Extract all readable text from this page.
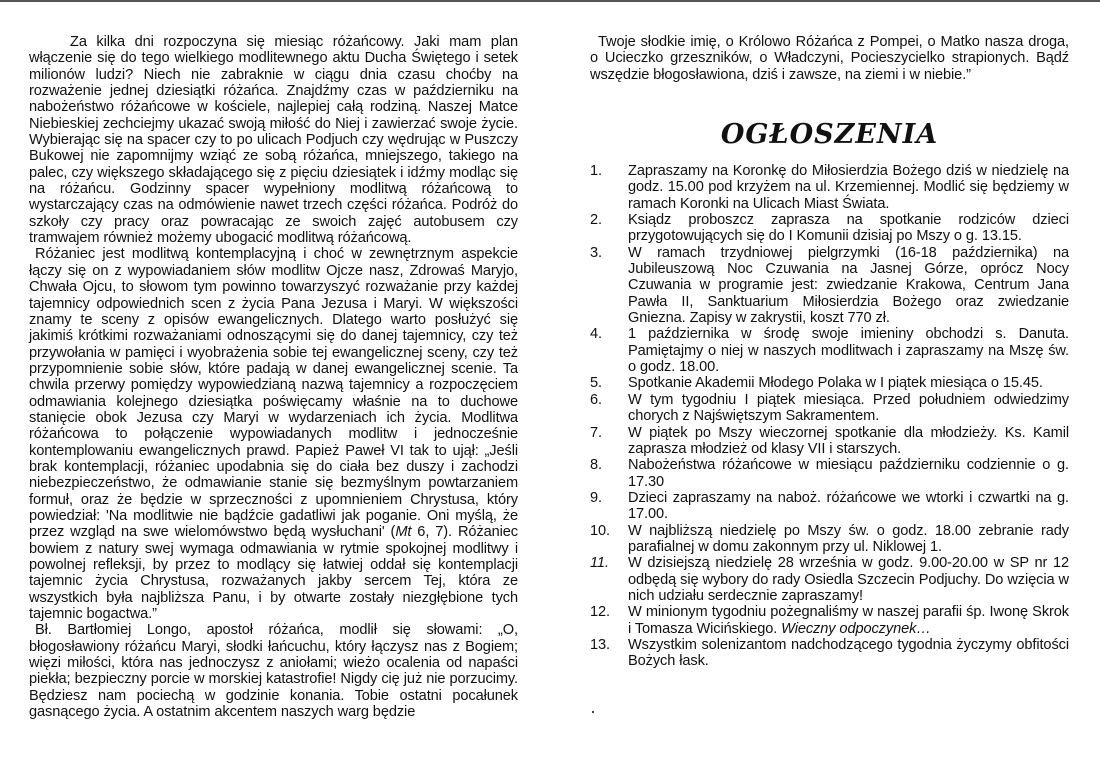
Za kilka dni rozpoczyna się miesiąc różańcowy. Jaki mam plan włączenie się do tego wielkiego modlitewnego aktu Ducha Świętego i setek milionów ludzi? Niech nie zabraknie w ciągu dnia czasu choćby na rozważenie jednej dziesiątki różańca. Znajdźmy czas w październiku na nabożeństwo różańcowe w kościele, najlepiej całą rodziną. Naszej Matce Niebieskiej zechciejmy ukazać swoją miłość do Niej i zawierzać swoje życie. Wybierając się na spacer czy to po ulicach Podjuch czy wędrując w Puszczy Bukowej nie zapomnijmy wziąć ze sobą różańca, mniejszego, takiego na palec, czy większego składającego się z pięciu dziesiątek i idźmy modląc się na różańcu. Godzinny spacer wypełniony modlitwą różańcową to wystarczający czas na odmówienie nawet trzech części różańca. Podróż do szkoły czy pracy oraz powracając ze swoich zajęć autobusem czy tramwajem również możemy ubogacić modlitwą różańcową.

Różaniec jest modlitwą kontemplacyjną i choć w zewnętrznym aspekcie łączy się on z wypowiadaniem słów modlitw Ojcze nasz, Zdrowaś Maryjo, Chwała Ojcu, to słowom tym powinno towarzyszyć rozważanie przy każdej tajemnicy odpowiednich scen z życia Pana Jezusa i Maryi. W większości znamy te sceny z opisów ewangelicznych. Dlatego warto posłużyć się jakimiś krótkimi rozważaniami odnoszącymi się do danej tajemnicy, czy też przywołania w pamięci i wyobrażenia sobie tej ewangelicznej sceny, czy też przypomnienie sobie słów, które padają w danej ewangelicznej scenie. Ta chwila przerwy pomiędzy wypowiedzianą nazwą tajemnicy a rozpoczęciem odmawiania kolejnego dziesiątka poświęcamy właśnie na to duchowe stanięcie obok Jezusa czy Maryi w wydarzeniach ich życia. Modlitwa różańcowa to połączenie wypowiadanych modlitw i jednocześnie kontemplowaniu ewangelicznych prawd. Papież Paweł VI tak to ujął: „Jeśli brak kontemplacji, różaniec upodabnia się do ciała bez duszy i zachodzi niebezpieczeństwo, że odmawianie stanie się bezmyślnym powtarzaniem formuł, oraz że będzie w sprzeczności z upomnieniem Chrystusa, który powiedział: 'Na modlitwie nie bądźcie gadatliwi jak poganie. Oni myślą, że przez wzgląd na swe wielomówstwo będą wysłuchani' (Mt 6, 7). Różaniec bowiem z natury swej wymaga odmawiania w rytmie spokojnej modlitwy i powolnej refleksji, by przez to modlący się łatwiej oddał się kontemplacji tajemnic życia Chrystusa, rozważanych jakby sercem Tej, która ze wszystkich była najbliższa Panu, i by otwarte zostały niezgłębione tych tajemnic bogactwa.”

Bł. Bartłomiej Longo, apostoł różańca, modlił się słowami: „O, błogosławiony różańcu Maryi, słodki łańcuchu, który łączysz nas z Bogiem; więzi miłości, która nas jednoczysz z aniołami; wieżo ocalenia od napaści piekła; bezpieczny porcie w morskiej katastrofie! Nigdy cię już nie porzucimy. Będziesz nam pociechą w godzinie konania. Tobie ostatni pocałunek gasnącego życia. A ostatnim akcentem naszych warg będzie

Twoje słodkie imię, o Królowo Różańca z Pompei, o Matko nasza droga, o Ucieczko grzeszników, o Władczyni, Pocieszycielko strapionych. Bądź wszędzie błogosławiona, dziś i zawsze, na ziemi i w niebie.”

OGŁOSZENIA
1. Zapraszamy na Koronkę do Miłosierdzia Bożego dziś w niedzielę na godz. 15.00 pod krzyżem na ul. Krzemiennej. Modlić się będziemy w ramach Koronki na Ulicach Miast Świata.
2. Ksiądz proboszcz zaprasza na spotkanie rodziców dzieci przygotowujących się do I Komunii dzisiaj po Mszy o g. 13.15.
3. W ramach trzydniowej pielgrzymki (16-18 października) na Jubileuszową Noc Czuwania na Jasnej Górze, oprócz Nocy Czuwania w programie jest: zwiedzanie Krakowa, Centrum Jana Pawła II, Sanktuarium Miłosierdzia Bożego oraz zwiedzanie Gniezna. Zapisy w zakrystii, koszt 770 zł.
4. 1 października w środę swoje imieniny obchodzi s. Danuta. Pamiętajmy o niej w naszych modlitwach i zapraszamy na Mszę św. o godz. 18.00.
5. Spotkanie Akademii Młodego Polaka w I piątek miesiąca o 15.45.
6. W tym tygodniu I piątek miesiąca. Przed południem odwiedzimy chorych z Najświętszym Sakramentem.
7. W piątek po Mszy wieczornej spotkanie dla młodzieży. Ks. Kamil zaprasza młodzież od klasy VII i starszych.
8. Nabożeństwa różańcowe w miesiącu październiku codziennie o g. 17.30
9. Dzieci zapraszamy na naboż. różańcowe we wtorki i czwartki na g. 17.00.
10. W najbliższą niedzielę po Mszy św. o godz. 18.00 zebranie rady parafialnej w domu zakonnym przy ul. Niklowej 1.
11. W dzisiejszą niedzielę 28 września w godz. 9.00-20.00 w SP nr 12 odbędą się wybory do rady Osiedla Szczecin Podjuchy. Do wzięcia w nich udziału serdecznie zapraszamy!
12. W minionym tygodniu pożegnaliśmy w naszej parafii śp. Iwonę Skrok i Tomasza Wicińskiego. Wieczny odpoczynek…
13. Wszystkim solenizantom nadchodzącego tygodnia życzymy obfitości Bożych łask.
